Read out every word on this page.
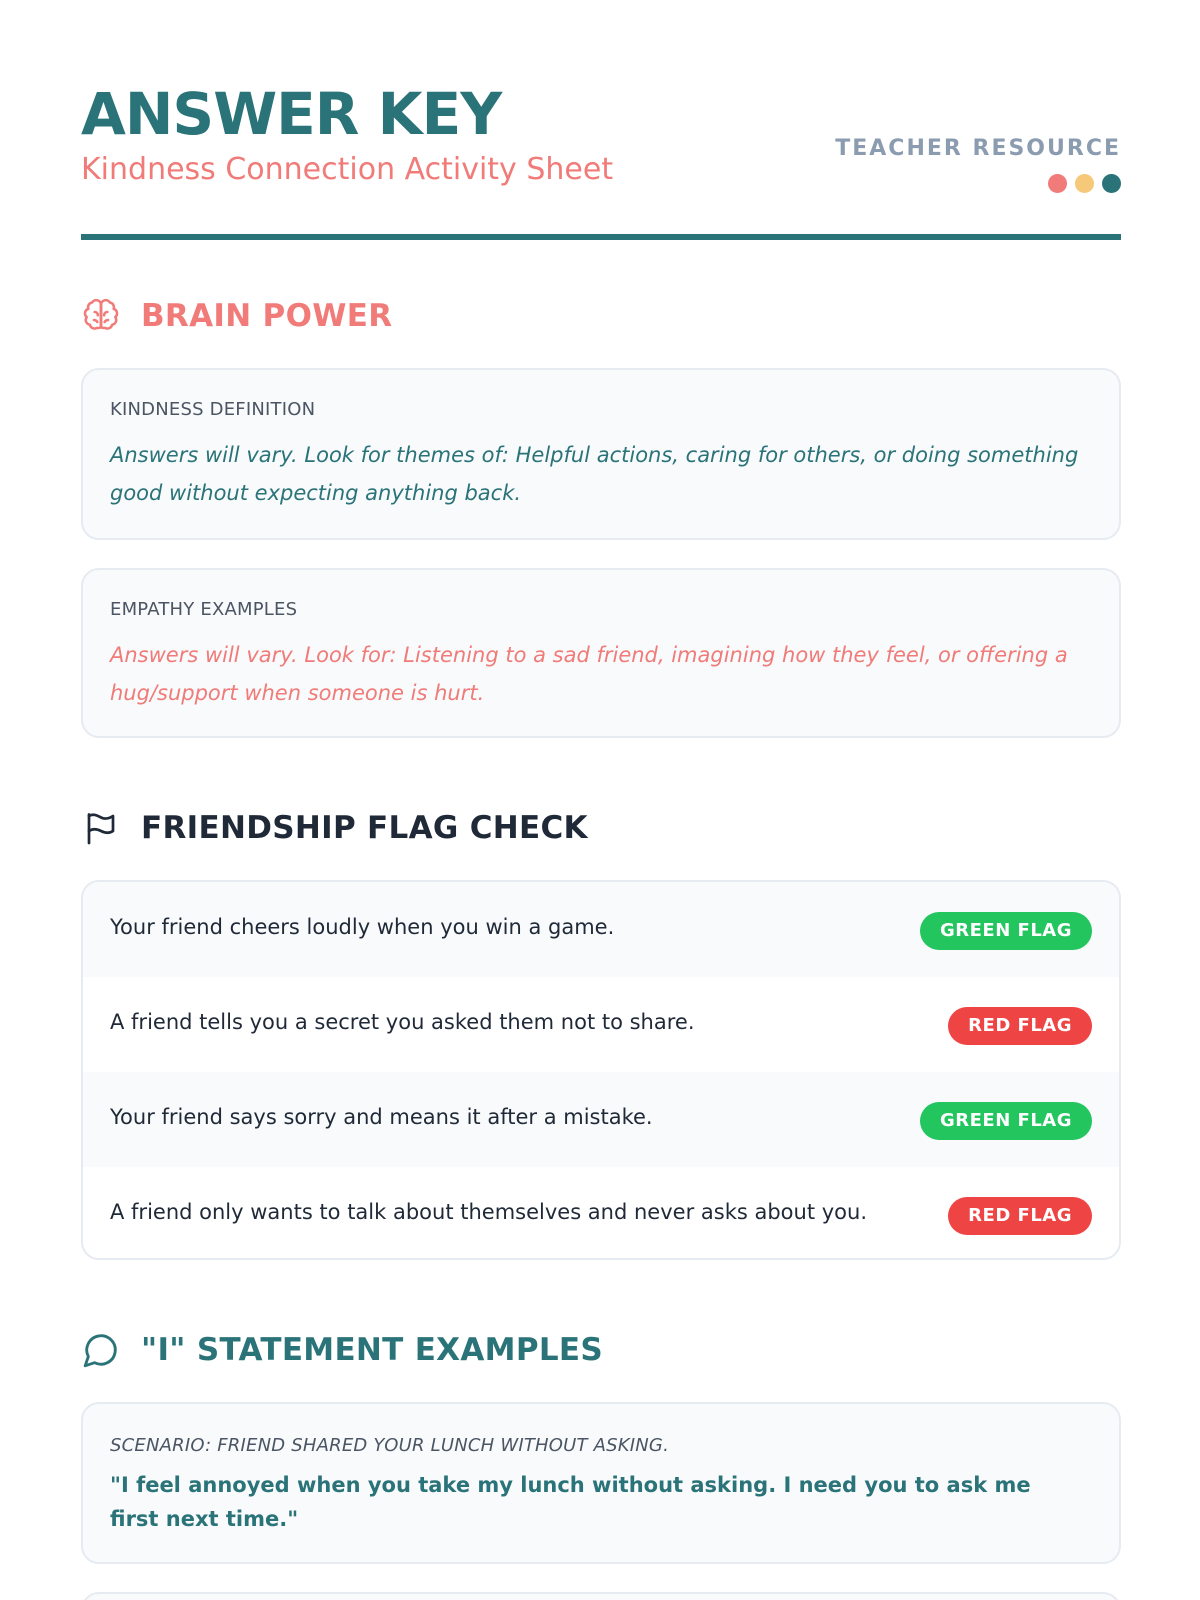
ANSWER KEY
Kindness Connection Activity Sheet
TEACHER RESOURCE
BRAIN POWER
KINDNESS DEFINITION
Answers will vary. Look for themes of: Helpful actions, caring for others, or doing something good without expecting anything back.
EMPATHY EXAMPLES
Answers will vary. Look for: Listening to a sad friend, imagining how they feel, or offering a hug/support when someone is hurt.
FRIENDSHIP FLAG CHECK
Your friend cheers loudly when you win a game.	GREEN FLAG
A friend tells you a secret you asked them not to share.	RED FLAG
Your friend says sorry and means it after a mistake.	GREEN FLAG
A friend only wants to talk about themselves and never asks about you.	RED FLAG
"I" STATEMENT EXAMPLES
SCENARIO: FRIEND SHARED YOUR LUNCH WITHOUT ASKING.
"I feel annoyed when you take my lunch without asking. I need you to ask me first next time."
